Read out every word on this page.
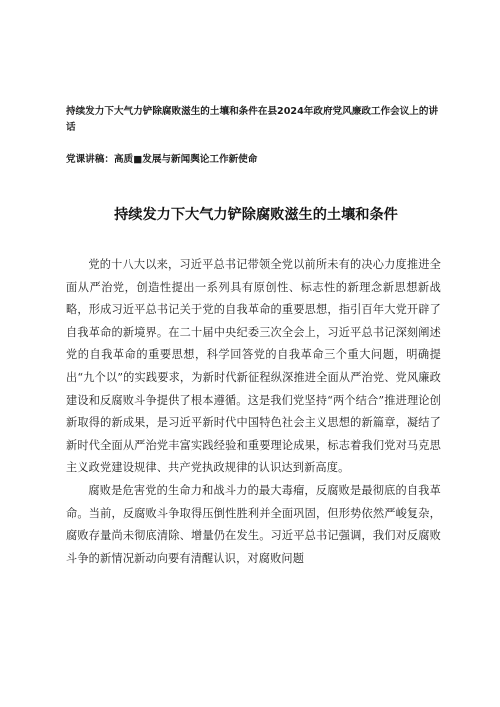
持续发力下大气力铲除腐败滋生的土壤和条件在县2024年政府党风廉政工作会议上的讲话

党课讲稿：高质■发展与新闻舆论工作新使命

持续发力下大气力铲除腐败滋生的土壤和条件

党的十八大以来，习近平总书记带领全党以前所未有的决心力度推进全面从严治党，创造性提出一系列具有原创性、标志性的新理念新思想新战略，形成习近平总书记关于党的自我革命的重要思想，指引百年大党开辟了自我革命的新境界。在二十届中央纪委三次全会上，习近平总书记深刻阐述党的自我革命的重要思想，科学回答党的自我革命三个重大问题，明确提出“九个以”的实践要求，为新时代新征程纵深推进全面从严治党、党风廉政建设和反腐败斗争提供了根本遵循。这是我们党坚持“两个结合”推进理论创新取得的新成果，是习近平新时代中国特色社会主义思想的新篇章，凝结了新时代全面从严治党丰富实践经验和重要理论成果，标志着我们党对马克思主义政党建设规律、共产党执政规律的认识达到新高度。

腐败是危害党的生命力和战斗力的最大毒瘤，反腐败是最彻底的自我革命。当前，反腐败斗争取得压倒性胜利并全面巩固，但形势依然严峻复杂，腐败存量尚未彻底清除、增量仍在发生。习近平总书记强调，我们对反腐败斗争的新情况新动向要有清醒认识，对腐败问题
